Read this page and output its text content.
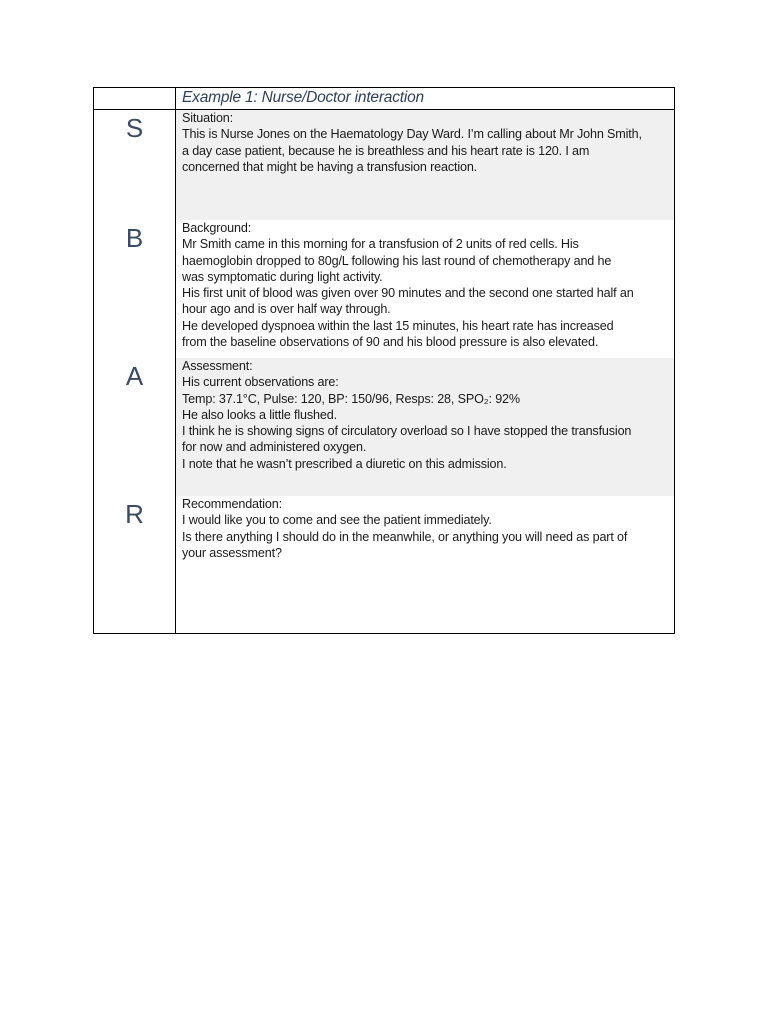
Example 1: Nurse/Doctor interaction
S	Situation:
This is Nurse Jones on the Haematology Day Ward. I’m calling about Mr John Smith,
a day case patient, because he is breathless and his heart rate is 120. I am
concerned that might be having a transfusion reaction.
B	Background:
Mr Smith came in this morning for a transfusion of 2 units of red cells. His
haemoglobin dropped to 80g/L following his last round of chemotherapy and he
was symptomatic during light activity.
His first unit of blood was given over 90 minutes and the second one started half an
hour ago and is over half way through.
He developed dyspnoea within the last 15 minutes, his heart rate has increased
from the baseline observations of 90 and his blood pressure is also elevated.
A	Assessment:
His current observations are:
Temp: 37.1°C, Pulse: 120, BP: 150/96, Resps: 28, SPO₂: 92%
He also looks a little flushed.
I think he is showing signs of circulatory overload so I have stopped the transfusion
for now and administered oxygen.
I note that he wasn’t prescribed a diuretic on this admission.
R	Recommendation:
I would like you to come and see the patient immediately.
Is there anything I should do in the meanwhile, or anything you will need as part of
your assessment?
